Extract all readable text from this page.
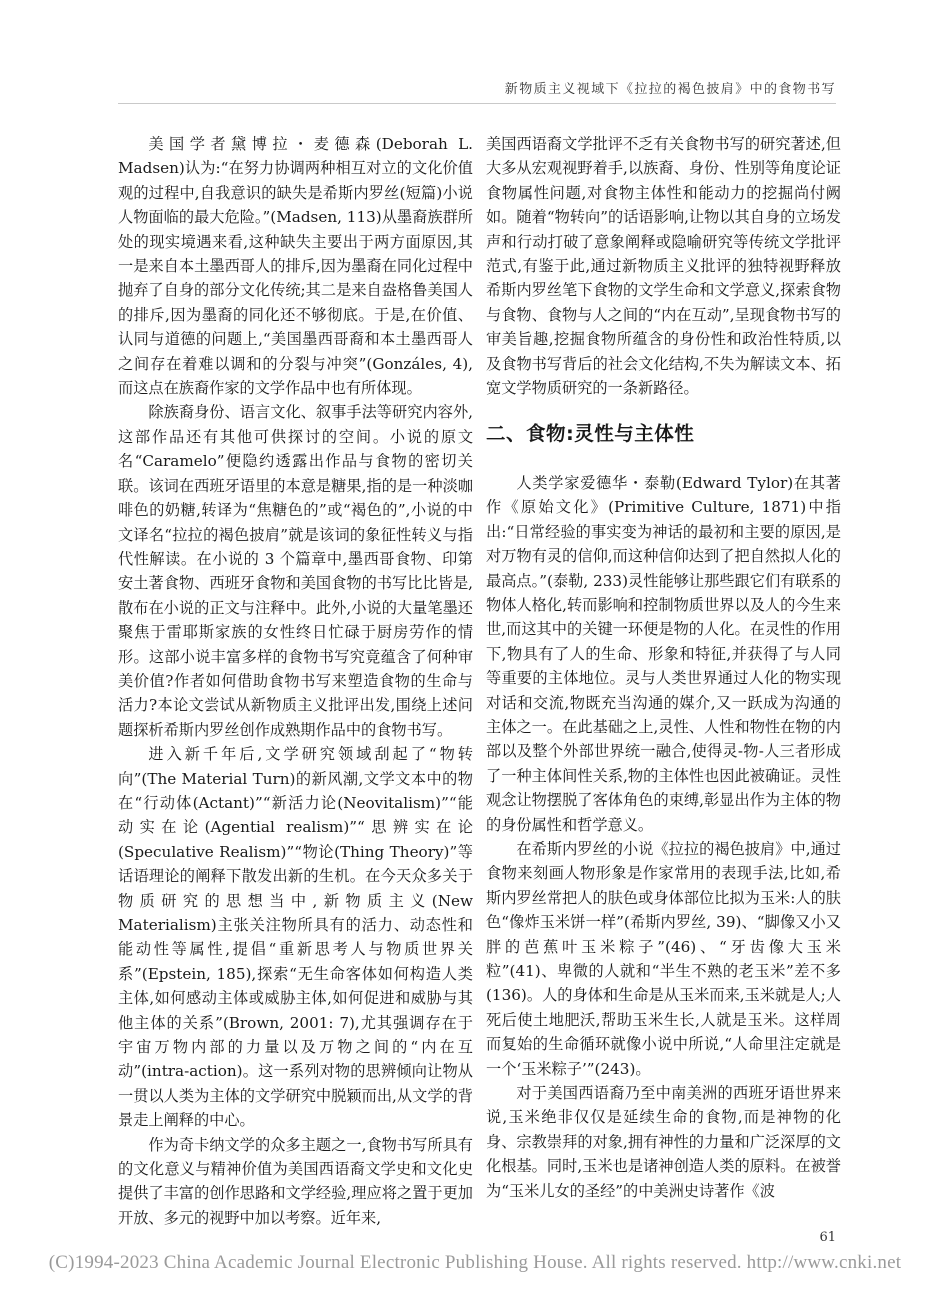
新物质主义视域下《拉拉的褐色披肩》中的食物书写

美国学者黛博拉・麦德森(Deborah L. Madsen)认为:“在努力协调两种相互对立的文化价值观的过程中,自我意识的缺失是希斯内罗丝(短篇)小说人物面临的最大危险。”(Madsen, 113)从墨裔族群所处的现实境遇来看,这种缺失主要出于两方面原因,其一是来自本土墨西哥人的排斥,因为墨裔在同化过程中抛弃了自身的部分文化传统;其二是来自盎格鲁美国人的排斥,因为墨裔的同化还不够彻底。于是,在价值、认同与道德的问题上,“美国墨西哥裔和本土墨西哥人之间存在着难以调和的分裂与冲突”(Gonzáles, 4),而这点在族裔作家的文学作品中也有所体现。

除族裔身份、语言文化、叙事手法等研究内容外,这部作品还有其他可供探讨的空间。小说的原文名“Caramelo”便隐约透露出作品与食物的密切关联。该词在西班牙语里的本意是糖果,指的是一种淡咖啡色的奶糖,转译为“焦糖色的”或“褐色的”,小说的中文译名“拉拉的褐色披肩”就是该词的象征性转义与指代性解读。在小说的 3 个篇章中,墨西哥食物、印第安土著食物、西班牙食物和美国食物的书写比比皆是,散布在小说的正文与注释中。此外,小说的大量笔墨还聚焦于雷耶斯家族的女性终日忙碌于厨房劳作的情形。这部小说丰富多样的食物书写究竟蕴含了何种审美价值?作者如何借助食物书写来塑造食物的生命与活力?本论文尝试从新物质主义批评出发,围绕上述问题探析希斯内罗丝创作成熟期作品中的食物书写。

进入新千年后,文学研究领域刮起了“物转向”(The Material Turn)的新风潮,文学文本中的物在“行动体(Actant)”“新活力论(Neovitalism)”“能动实在论(Agential realism)”“思辨实在论(Speculative Realism)”“物论(Thing Theory)”等话语理论的阐释下散发出新的生机。在今天众多关于物质研究的思想当中,新物质主义(New Materialism)主张关注物所具有的活力、动态性和能动性等属性,提倡“重新思考人与物质世界关系”(Epstein, 185),探索“无生命客体如何构造人类主体,如何感动主体或威胁主体,如何促进和威胁与其他主体的关系”(Brown, 2001: 7),尤其强调存在于宇宙万物内部的力量以及万物之间的“内在互动”(intra-action)。这一系列对物的思辨倾向让物从一贯以人类为主体的文学研究中脱颖而出,从文学的背景走上阐释的中心。

作为奇卡纳文学的众多主题之一,食物书写所具有的文化意义与精神价值为美国西语裔文学史和文化史提供了丰富的创作思路和文学经验,理应将之置于更加开放、多元的视野中加以考察。近年来,

美国西语裔文学批评不乏有关食物书写的研究著述,但大多从宏观视野着手,以族裔、身份、性别等角度论证食物属性问题,对食物主体性和能动力的挖掘尚付阙如。随着“物转向”的话语影响,让物以其自身的立场发声和行动打破了意象阐释或隐喻研究等传统文学批评范式,有鉴于此,通过新物质主义批评的独特视野释放希斯内罗丝笔下食物的文学生命和文学意义,探索食物与食物、食物与人之间的“内在互动”,呈现食物书写的审美旨趣,挖掘食物所蕴含的身份性和政治性特质,以及食物书写背后的社会文化结构,不失为解读文本、拓宽文学物质研究的一条新路径。

二、食物:灵性与主体性

人类学家爱德华・泰勒(Edward Tylor)在其著作《原始文化》(Primitive Culture, 1871)中指出:“日常经验的事实变为神话的最初和主要的原因,是对万物有灵的信仰,而这种信仰达到了把自然拟人化的最高点。”(泰勒, 233)灵性能够让那些跟它们有联系的物体人格化,转而影响和控制物质世界以及人的今生来世,而这其中的关键一环便是物的人化。在灵性的作用下,物具有了人的生命、形象和特征,并获得了与人同等重要的主体地位。灵与人类世界通过人化的物实现对话和交流,物既充当沟通的媒介,又一跃成为沟通的主体之一。在此基础之上,灵性、人性和物性在物的内部以及整个外部世界统一融合,使得灵-物-人三者形成了一种主体间性关系,物的主体性也因此被确证。灵性观念让物摆脱了客体角色的束缚,彰显出作为主体的物的身份属性和哲学意义。

在希斯内罗丝的小说《拉拉的褐色披肩》中,通过食物来刻画人物形象是作家常用的表现手法,比如,希斯内罗丝常把人的肤色或身体部位比拟为玉米:人的肤色“像炸玉米饼一样”(希斯内罗丝, 39)、“脚像又小又胖的芭蕉叶玉米粽子”(46)、“牙齿像大玉米粒”(41)、卑微的人就和“半生不熟的老玉米”差不多(136)。人的身体和生命是从玉米而来,玉米就是人;人死后使土地肥沃,帮助玉米生长,人就是玉米。这样周而复始的生命循环就像小说中所说,“人命里注定就是一个‘玉米粽子’”(243)。

对于美国西语裔乃至中南美洲的西班牙语世界来说,玉米绝非仅仅是延续生命的食物,而是神物的化身、宗教崇拜的对象,拥有神性的力量和广泛深厚的文化根基。同时,玉米也是诸神创造人类的原料。在被誉为“玉米儿女的圣经”的中美洲史诗著作《波

61
(C)1994-2023 China Academic Journal Electronic Publishing House. All rights reserved. http://www.cnki.net
